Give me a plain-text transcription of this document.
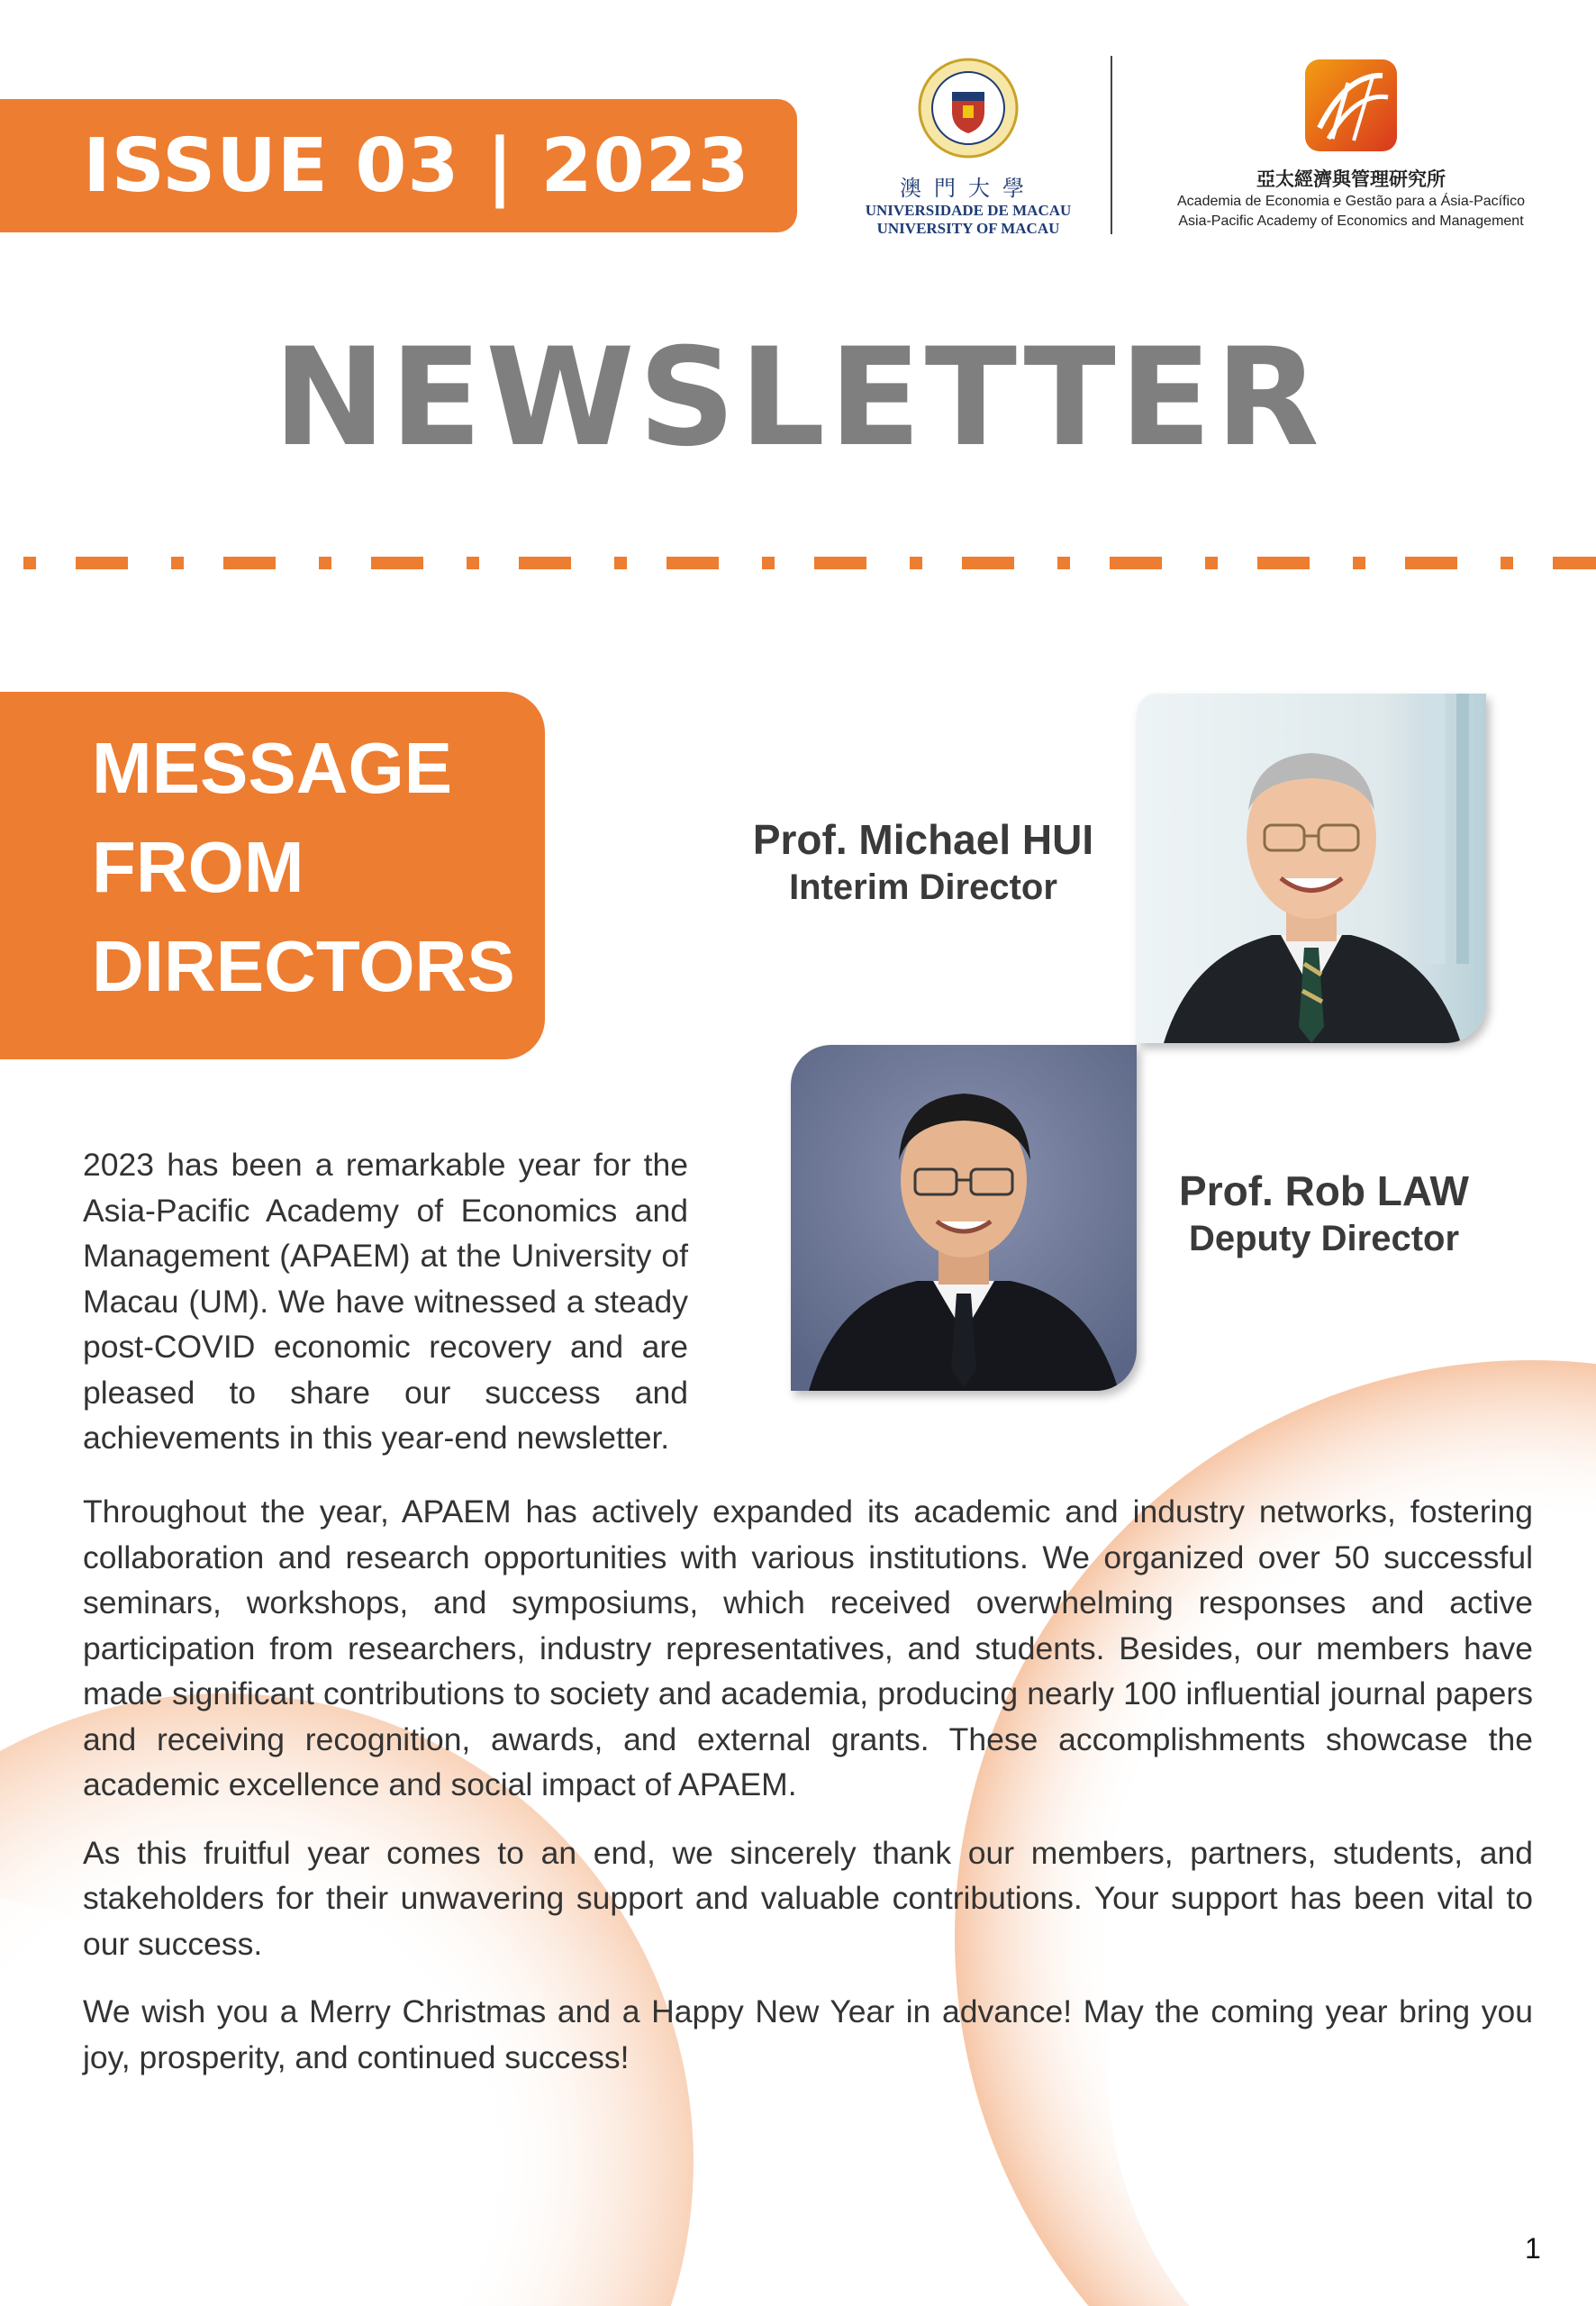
ISSUE 03 | 2023	澳門大學
UNIVERSIDADE DE MACAU
UNIVERSITY OF MACAU
亞太經濟與管理研究所
Academia de Economia e Gestão para a Ásia-Pacífico
Asia-Pacific Academy of Economics and Management
NEWSLETTER
MESSAGE
FROM
DIRECTORS
Prof. Michael HUI
Interim Director
Prof. Rob LAW
Deputy Director

2023 has been a remarkable year for the Asia-Pacific Academy of Economics and Management (APAEM) at the University of Macau (UM). We have witnessed a steady post-COVID economic recovery and are pleased to share our success and achievements in this year-end newsletter.

Throughout the year, APAEM has actively expanded its academic and industry networks, fostering collaboration and research opportunities with various institutions. We organized over 50 successful seminars, workshops, and symposiums, which received overwhelming responses and active participation from researchers, industry representatives, and students. Besides, our members have made significant contributions to society and academia, producing nearly 100 influential journal papers and receiving recognition, awards, and external grants. These accomplishments showcase the academic excellence and social impact of APAEM.

As this fruitful year comes to an end, we sincerely thank our members, partners, students, and stakeholders for their unwavering support and valuable contributions. Your support has been vital to our success.

We wish you a Merry Christmas and a Happy New Year in advance! May the coming year bring you joy, prosperity, and continued success!

1
